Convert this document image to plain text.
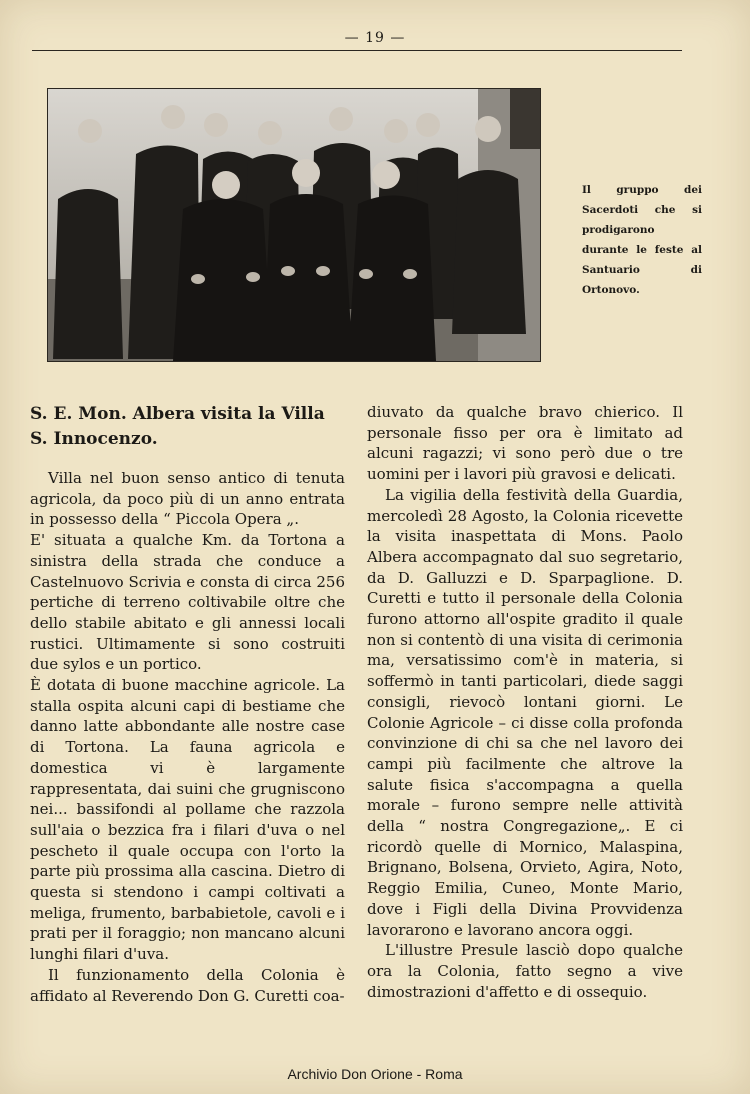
— 19 —
Il gruppo dei Sacerdoti che si prodigarono durante le feste al Santuario di Ortonovo.
S. E. Mon. Albera visita la Villa S. Innocenzo.

Villa nel buon senso antico di tenuta agricola, da poco più di un anno entrata in possesso della “ Piccola Opera „.

E' situata a qualche Km. da Tortona a sinistra della strada che conduce a Castelnuovo Scrivia e consta di circa 256 pertiche di terreno coltivabile oltre che dello stabile abitato e gli annessi locali rustici. Ultimamente si sono costruiti due sylos e un portico.

È dotata di buone macchine agricole. La stalla ospita alcuni capi di bestiame che danno latte abbondante alle nostre case di Tortona. La fauna agricola e domestica vi è largamente rappresentata, dai suini che grugniscono nei... bassifondi al pollame che razzola sull'aia o bezzica fra i filari d'uva o nel pescheto il quale occupa con l'orto la parte più prossima alla cascina. Dietro di questa si stendono i campi coltivati a meliga, frumento, barbabietole, cavoli e i prati per il foraggio; non mancano alcuni lunghi filari d'uva.

Il funzionamento della Colonia è affidato al Reverendo Don G. Curetti coa-

diuvato da qualche bravo chierico. Il personale fisso per ora è limitato ad alcuni ragazzi; vi sono però due o tre uomini per i lavori più gravosi e delicati.

La vigilia della festività della Guardia, mercoledì 28 Agosto, la Colonia ricevette la visita inaspettata di Mons. Paolo Albera accompagnato dal suo segretario, da D. Galluzzi e D. Sparpaglione. D. Curetti e tutto il personale della Colonia furono attorno all'ospite gradito il quale non si contentò di una visita di cerimonia ma, versatissimo com'è in materia, si soffermò in tanti particolari, diede saggi consigli, rievocò lontani giorni. Le Colonie Agricole – ci disse colla profonda convinzione di chi sa che nel lavoro dei campi più facilmente che altrove la salute fisica s'accompagna a quella morale – furono sempre nelle attività della “ nostra Congregazione„. E ci ricordò quelle di Mornico, Malaspina, Brignano, Bolsena, Orvieto, Agira, Noto, Reggio Emilia, Cuneo, Monte Mario, dove i Figli della Divina Provvidenza lavorarono e lavorano ancora oggi.

L'illustre Presule lasciò dopo qualche ora la Colonia, fatto segno a vive dimostrazioni d'affetto e di ossequio.

Archivio Don Orione - Roma
